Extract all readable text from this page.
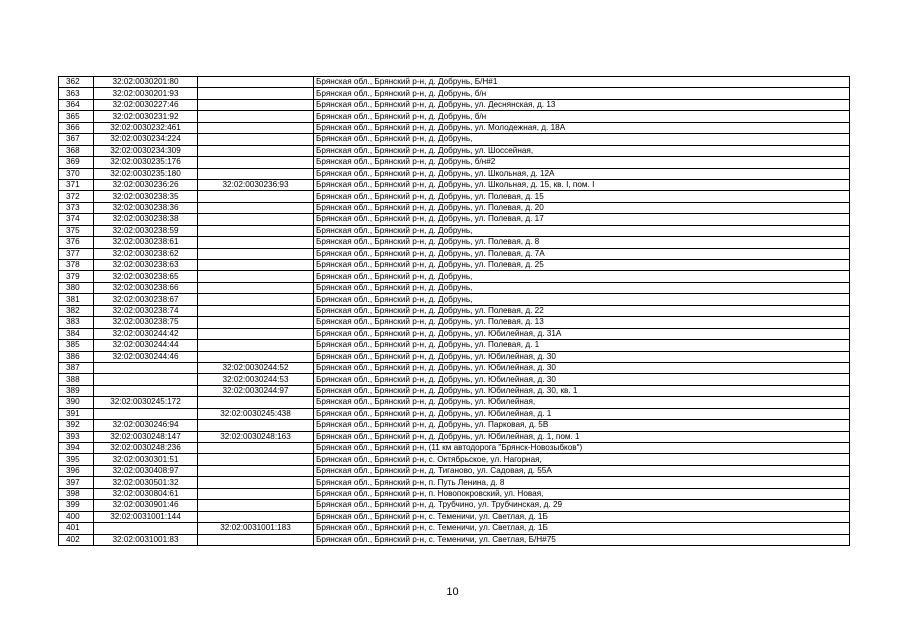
362	32:02:0030201:80		Брянская обл., Брянский р-н, д. Добрунь, Б/Н#1
363	32:02:0030201:93		Брянская обл., Брянский р-н, д. Добрунь, б/н
364	32:02:0030227:46		Брянская обл., Брянский р-н, д. Добрунь, ул. Деснянская, д. 13
365	32:02:0030231:92		Брянская обл., Брянский р-н, д. Добрунь, б/н
366	32:02:0030232:461		Брянская обл., Брянский р-н, д. Добрунь, ул. Молодежная, д. 18А
367	32:02:0030234:224		Брянская обл., Брянский р-н, д. Добрунь,
368	32:02:0030234:309		Брянская обл., Брянский р-н, д. Добрунь, ул. Шоссейная,
369	32:02:0030235:176		Брянская обл., Брянский р-н, д. Добрунь, б/н#2
370	32:02:0030235:180		Брянская обл., Брянский р-н, д. Добрунь, ул. Школьная, д. 12А
371	32:02:0030236:26	32:02:0030236:93	Брянская обл., Брянский р-н, д. Добрунь, ул. Школьная, д. 15, кв. I, пом. I
372	32:02:0030238:35		Брянская обл., Брянский р-н, д. Добрунь, ул. Полевая, д. 15
373	32:02:0030238:36		Брянская обл., Брянский р-н, д. Добрунь, ул. Полевая, д. 20
374	32:02:0030238:38		Брянская обл., Брянский р-н, д. Добрунь, ул. Полевая, д. 17
375	32:02:0030238:59		Брянская обл., Брянский р-н, д. Добрунь,
376	32:02:0030238:61		Брянская обл., Брянский р-н, д. Добрунь, ул. Полевая, д. 8
377	32:02:0030238:62		Брянская обл., Брянский р-н, д. Добрунь, ул. Полевая, д. 7А
378	32:02:0030238:63		Брянская обл., Брянский р-н, д. Добрунь, ул. Полевая, д. 25
379	32:02:0030238:65		Брянская обл., Брянский р-н, д. Добрунь,
380	32:02:0030238:66		Брянская обл., Брянский р-н, д. Добрунь,
381	32:02:0030238:67		Брянская обл., Брянский р-н, д. Добрунь,
382	32:02:0030238:74		Брянская обл., Брянский р-н, д. Добрунь, ул. Полевая, д. 22
383	32:02:0030238:75		Брянская обл., Брянский р-н, д. Добрунь, ул. Полевая, д. 13
384	32:02:0030244:42		Брянская обл., Брянский р-н, д. Добрунь, ул. Юбилейная, д. 31А
385	32:02:0030244:44		Брянская обл., Брянский р-н, д. Добрунь, ул. Полевая, д. 1
386	32:02:0030244:46		Брянская обл., Брянский р-н, д. Добрунь, ул. Юбилейная, д. 30
387		32:02:0030244:52	Брянская обл., Брянский р-н, д. Добрунь, ул. Юбилейная, д. 30
388		32:02:0030244:53	Брянская обл., Брянский р-н, д. Добрунь, ул. Юбилейная, д. 30
389		32:02:0030244:97	Брянская обл., Брянский р-н, д. Добрунь, ул. Юбилейная, д. 30, кв. 1
390	32:02:0030245:172		Брянская обл., Брянский р-н, д. Добрунь, ул. Юбилейная,
391		32:02:0030245:438	Брянская обл., Брянский р-н, д. Добрунь, ул. Юбилейная, д. 1
392	32:02:0030246:94		Брянская обл., Брянский р-н, д. Добрунь, ул. Парковая, д. 5В
393	32:02:0030248:147	32:02:0030248:163	Брянская обл., Брянский р-н, д. Добрунь, ул. Юбилейная, д. 1, пом. 1
394	32:02:0030248:236		Брянская обл., Брянский р-н, (11 км автодорога "Брянск-Новозыбков")
395	32:02:0030301:51		Брянская обл., Брянский р-н, с. Октябрьское, ул. Нагорная,
396	32:02:0030408:97		Брянская обл., Брянский р-н, д. Тиганово, ул. Садовая, д. 55А
397	32:02:0030501:32		Брянская обл., Брянский р-н, п. Путь Ленина, д. 8
398	32:02:0030804:61		Брянская обл., Брянский р-н, п. Новопокровский, ул. Новая,
399	32:02:0030901:46		Брянская обл., Брянский р-н, д. Трубчино, ул. Трубчинская, д. 29
400	32:02:0031001:144		Брянская обл., Брянский р-н, с. Теменичи, ул. Светлая, д. 1Б
401		32:02:0031001:183	Брянская обл., Брянский р-н, с. Теменичи, ул. Светлая, д. 1Б
402	32:02:0031001:83		Брянская обл., Брянский р-н, с. Теменичи, ул. Светлая, Б/Н#75
10
